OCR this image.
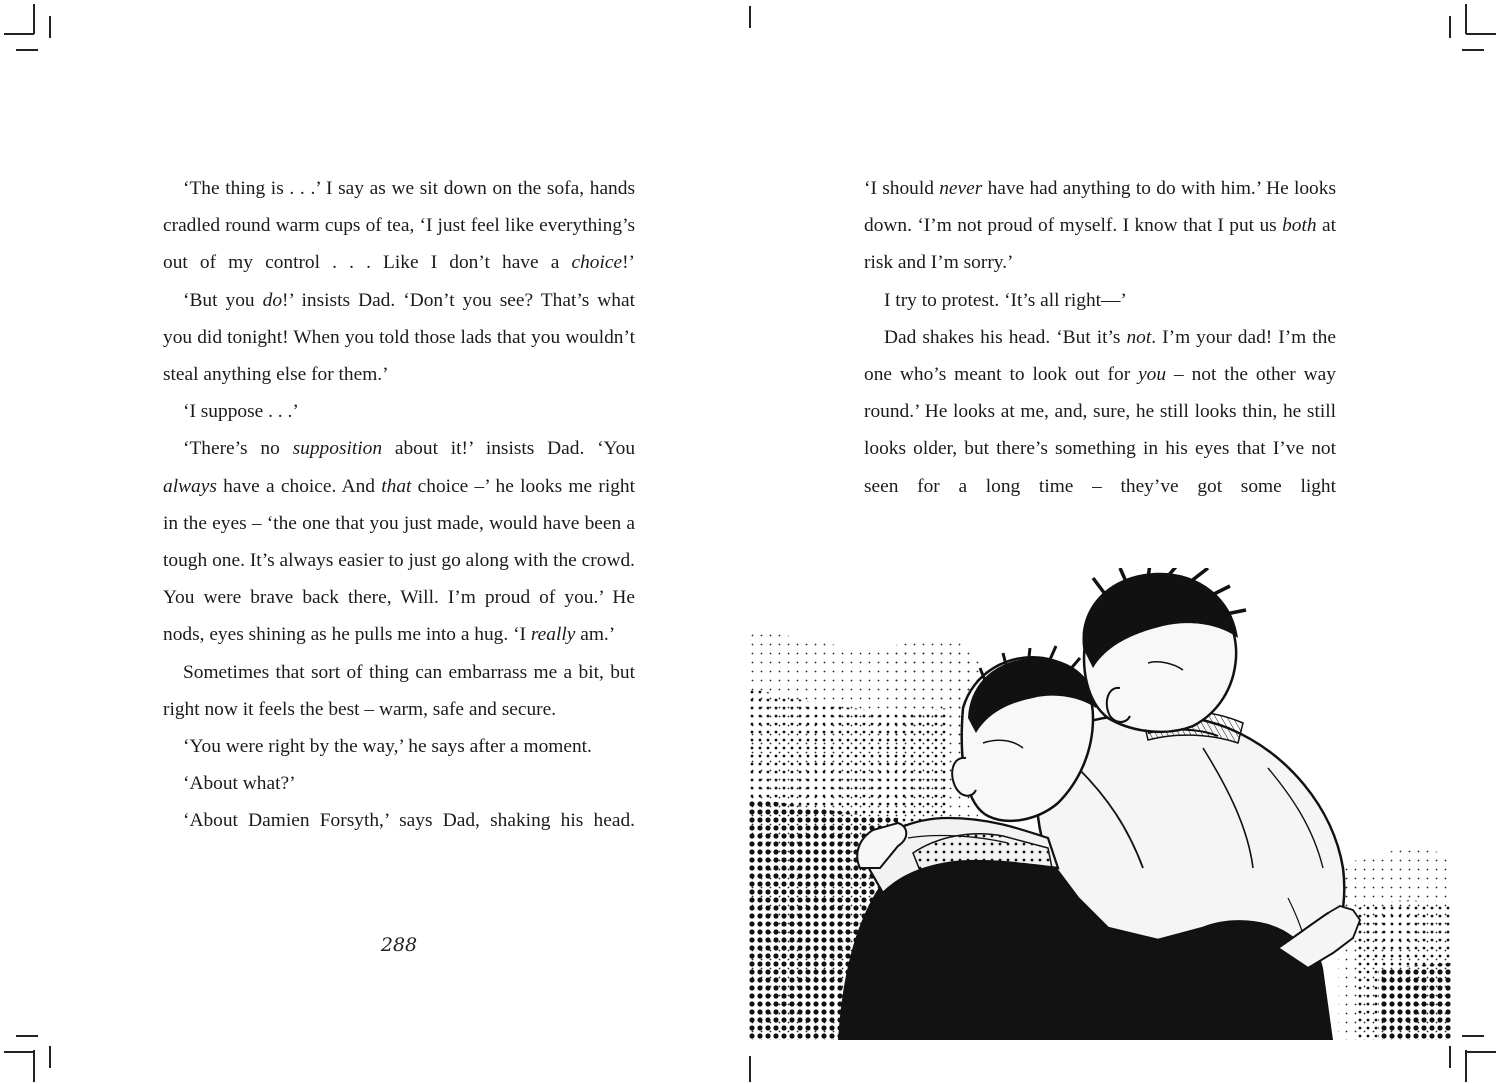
‘The thing is . . .’ I say as we sit down on the sofa, hands cradled round warm cups of tea, ‘I just feel like everything’s out of my control . . . Like I don’t have a choice!’

‘But you do!’ insists Dad. ‘Don’t you see? That’s what you did tonight! When you told those lads that you wouldn’t steal anything else for them.’

‘I suppose . . .’

‘There’s no supposition about it!’ insists Dad. ‘You always have a choice. And that choice –’ he looks me right in the eyes – ‘the one that you just made, would have been a tough one. It’s always easier to just go along with the crowd. You were brave back there, Will. I’m proud of you.’ He nods, eyes shining as he pulls me into a hug. ‘I really am.’

Sometimes that sort of thing can embarrass me a bit, but right now it feels the best – warm, safe and secure.

‘You were right by the way,’ he says after a moment.

‘About what?’

‘About Damien Forsyth,’ says Dad, shaking his head.

288

‘I should never have had anything to do with him.’ He looks down. ‘I’m not proud of myself. I know that I put us both at risk and I’m sorry.’

I try to protest. ‘It’s all right—’

Dad shakes his head. ‘But it’s not. I’m your dad! I’m the one who’s meant to look out for you – not the other way round.’ He looks at me, and, sure, he still looks thin, he still looks older, but there’s something in his eyes that I’ve not seen for a long time – they’ve got some light
